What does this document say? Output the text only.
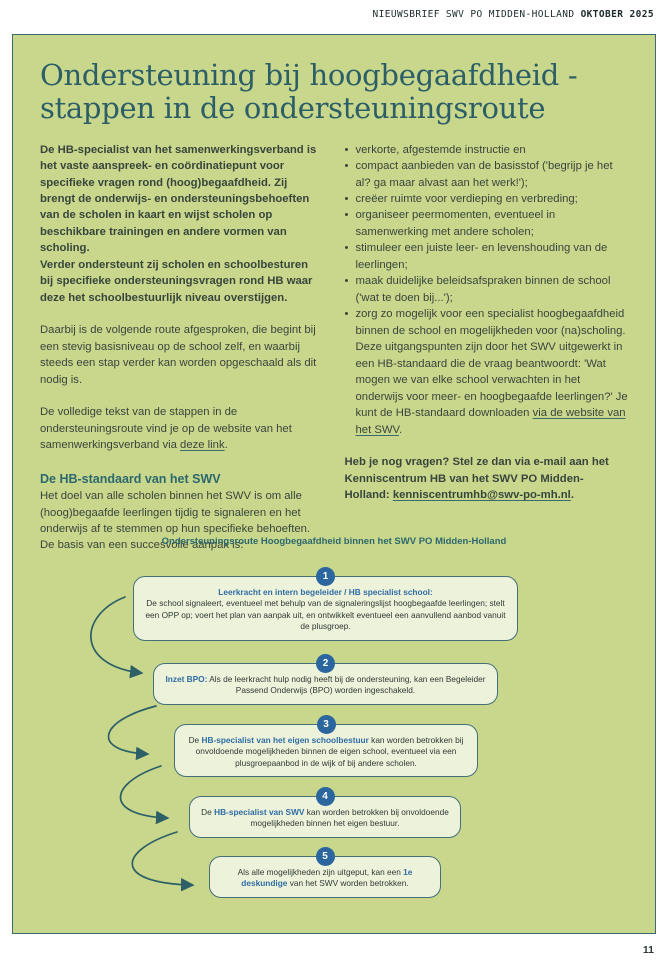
NIEUWSBRIEF SWV PO MIDDEN-HOLLAND OKTOBER 2025
Ondersteuning bij hoogbegaafdheid - stappen in de ondersteuningsroute

De HB-specialist van het samenwerkingsverband is het vaste aanspreek- en coördinatiepunt voor specifieke vragen rond (hoog)begaafdheid. Zij brengt de onderwijs- en ondersteuningsbehoeften van de scholen in kaart en wijst scholen op beschikbare trainingen en andere vormen van scholing.

Verder ondersteunt zij scholen en schoolbesturen bij specifieke ondersteuningsvragen rond HB waar deze het schoolbestuurlijk niveau overstijgen.

Daarbij is de volgende route afgesproken, die begint bij een stevig basisniveau op de school zelf, en waarbij steeds een stap verder kan worden opgeschaald als dit nodig is.

De volledige tekst van de stappen in de ondersteuningsroute vind je op de website van het samenwerkingsverband via deze link.

De HB-standaard van het SWV

Het doel van alle scholen binnen het SWV is om alle (hoog)begaafde leerlingen tijdig te signaleren en het onderwijs af te stemmen op hun specifieke behoeften. De basis van een succesvolle aanpak is:

• verkorte, afgestemde instructie en
• compact aanbieden van de basisstof ('begrijp je het al? ga maar alvast aan het werk!');
• creëer ruimte voor verdieping en verbreding;
• organiseer peermomenten, eventueel in samenwerking met andere scholen;
• stimuleer een juiste leer- en levenshouding van de leerlingen;
• maak duidelijke beleidsafspraken binnen de school ('wat te doen bij...');
• zorg zo mogelijk voor een specialist hoogbegaafdheid binnen de school en mogelijkheden voor (na)scholing. Deze uitgangspunten zijn door het SWV uitgewerkt in een HB-standaard die de vraag beantwoordt: 'Wat mogen we van elke school verwachten in het onderwijs voor meer- en hoogbegaafde leerlingen?' Je kunt de HB-standaard downloaden via de website van het SWV.

Heb je nog vragen? Stel ze dan via e-mail aan het Kenniscentrum HB van het SWV PO Midden-Holland: kenniscentrumhb@swv-po-mh.nl.

Ondersteuningsroute Hoogbegaafdheid binnen het SWV PO Midden-Holland
Leerkracht en intern begeleider / HB specialist school:
De school signaleert, eventueel met behulp van de signaleringslijst hoogbegaafde leerlingen; stelt een OPP op; voert het plan van aanpak uit, en ontwikkelt eventueel een aanvullend aanbod vanuit de plusgroep.
1
Inzet BPO: Als de leerkracht hulp nodig heeft bij de ondersteuning, kan een Begeleider Passend Onderwijs (BPO) worden ingeschakeld.
2
De HB-specialist van het eigen schoolbestuur kan worden betrokken bij onvoldoende mogelijkheden binnen de eigen school, eventueel via een plusgroepaanbod in de wijk of bij andere scholen.
3
De HB-specialist van SWV kan worden betrokken bij onvoldoende mogelijkheden binnen het eigen bestuur.
4
Als alle mogelijkheden zijn uitgeput, kan een 1e deskundige van het SWV worden betrokken.
5
11
